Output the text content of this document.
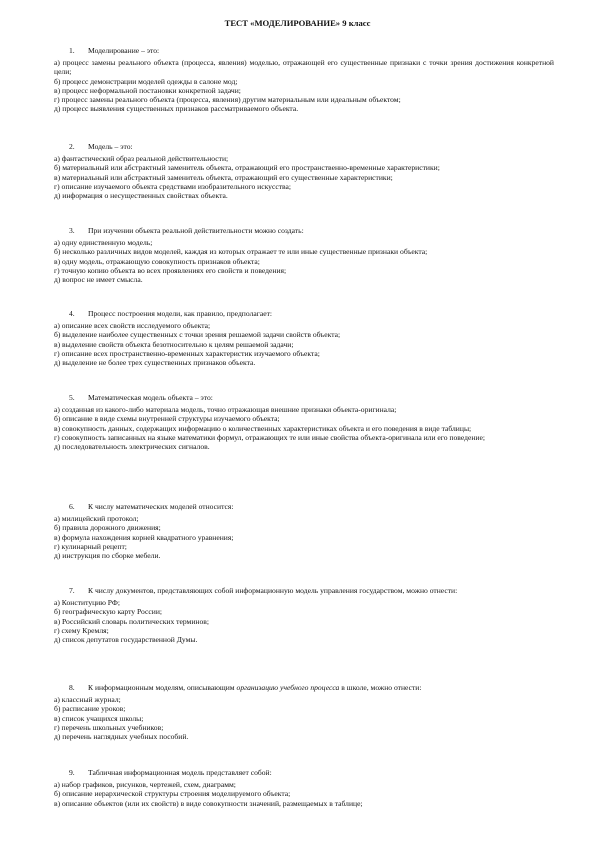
ТЕСТ «МОДЕЛИРОВАНИЕ» 9 класс
1. Моделирование – это:
а) процесс замены реального объекта (процесса, явления) моделью, отражающей его существенные признаки с точки зрения достижения конкретной цели;
б) процесс демонстрации моделей одежды в салоне мод;
в) процесс неформальной постановки конкретной задачи;
г) процесс замены реального объекта (процесса, явления) другим материальным или идеальным объектом;
д) процесс выявления существенных признаков рассматриваемого объекта.
2. Модель – это:
а) фантастический образ реальной действительности;
б) материальный или абстрактный заменитель объекта, отражающий его пространственно-временные характеристики;
в) материальный или абстрактный заменитель объекта, отражающий его существенные характеристики;
г) описание изучаемого объекта средствами изобразительного искусства;
д) информация о несущественных свойствах объекта.
3. При изучении объекта реальной действительности можно создать:
а) одну единственную модель;
б) несколько различных видов моделей, каждая из которых отражает те или иные существенные признаки объекта;
в) одну модель, отражающую совокупность признаков объекта;
г) точную копию объекта во всех проявлениях его свойств и поведения;
д) вопрос не имеет смысла.
4. Процесс построения модели, как правило, предполагает:
а) описание всех свойств исследуемого объекта;
б) выделение наиболее существенных с точки зрения решаемой задачи свойств объекта;
в) выделение свойств объекта безотносительно к целям решаемой задачи;
г) описание всех пространственно-временных характеристик изучаемого объекта;
д) выделение не более трех существенных признаков объекта.
5. Математическая модель объекта – это:
а) созданная из какого-либо материала модель, точно отражающая внешние признаки объекта-оригинала;
б) описание в виде схемы внутренней структуры изучаемого объекта;
в) совокупность данных, содержащих информацию о количественных характеристиках объекта и его поведения в виде таблицы;
г) совокупность записанных на языке математики формул, отражающих те или иные свойства объекта-оригинала или его поведение;
д) последовательность электрических сигналов.
6. К числу математических моделей относится:
а) милицейский протокол;
б) правила дорожного движения;
в) формула нахождения корней квадратного уравнения;
г) кулинарный рецепт;
д) инструкция по сборке мебели.
7. К числу документов, представляющих собой информационную модель управления государством, можно отнести:
а) Конституцию РФ;
б) географическую карту России;
в) Российский словарь политических терминов;
г) схему Кремля;
д) список депутатов государственной Думы.
8. К информационным моделям, описывающим организацию учебного процесса в школе, можно отнести:
а) классный журнал;
б) расписание уроков;
в) список учащихся школы;
г) перечень школьных учебников;
д) перечень наглядных учебных пособий.
9. Табличная информационная модель представляет собой:
а) набор графиков, рисунков, чертежей, схем, диаграмм;
б) описание иерархической структуры строения моделируемого объекта;
в) описание объектов (или их свойств) в виде совокупности значений, размещаемых в таблице;
